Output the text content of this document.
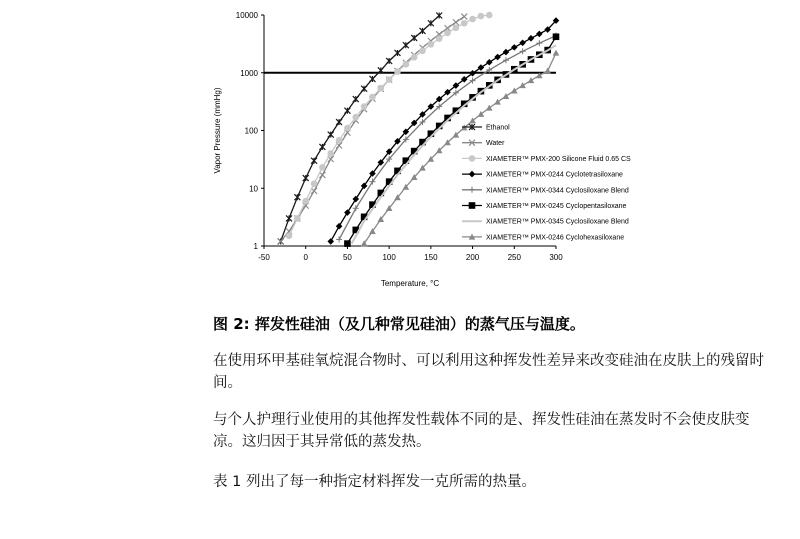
1
10
100
1000
10000
-50	0	50	100	150	200	250	300
Temperature, °C
Vapor Pressure (mmHg)	Ethanol
Water
XIAMETER™ PMX-200 Silicone Fluid 0.65 CS
XIAMETER™ PMX-0244 Cyclotetrasiloxane
XIAMETER™ PMX-0344 Cyclosiloxane Blend
XIAMETER™ PMX-0245 Cyclopentasiloxane
XIAMETER™ PMX-0345 Cyclosiloxane Blend
XIAMETER™ PMX-0246 Cyclohexasiloxane
图 2: 挥发性硅油（及几种常见硅油）的蒸气压与温度。
在使用环甲基硅氧烷混合物时、可以利用这种挥发性差异来改变硅油在皮肤上的残留时间。
与个人护理行业使用的其他挥发性载体不同的是、挥发性硅油在蒸发时不会使皮肤变凉。这归因于其异常低的蒸发热。
表 1 列出了每一种指定材料挥发一克所需的热量。
